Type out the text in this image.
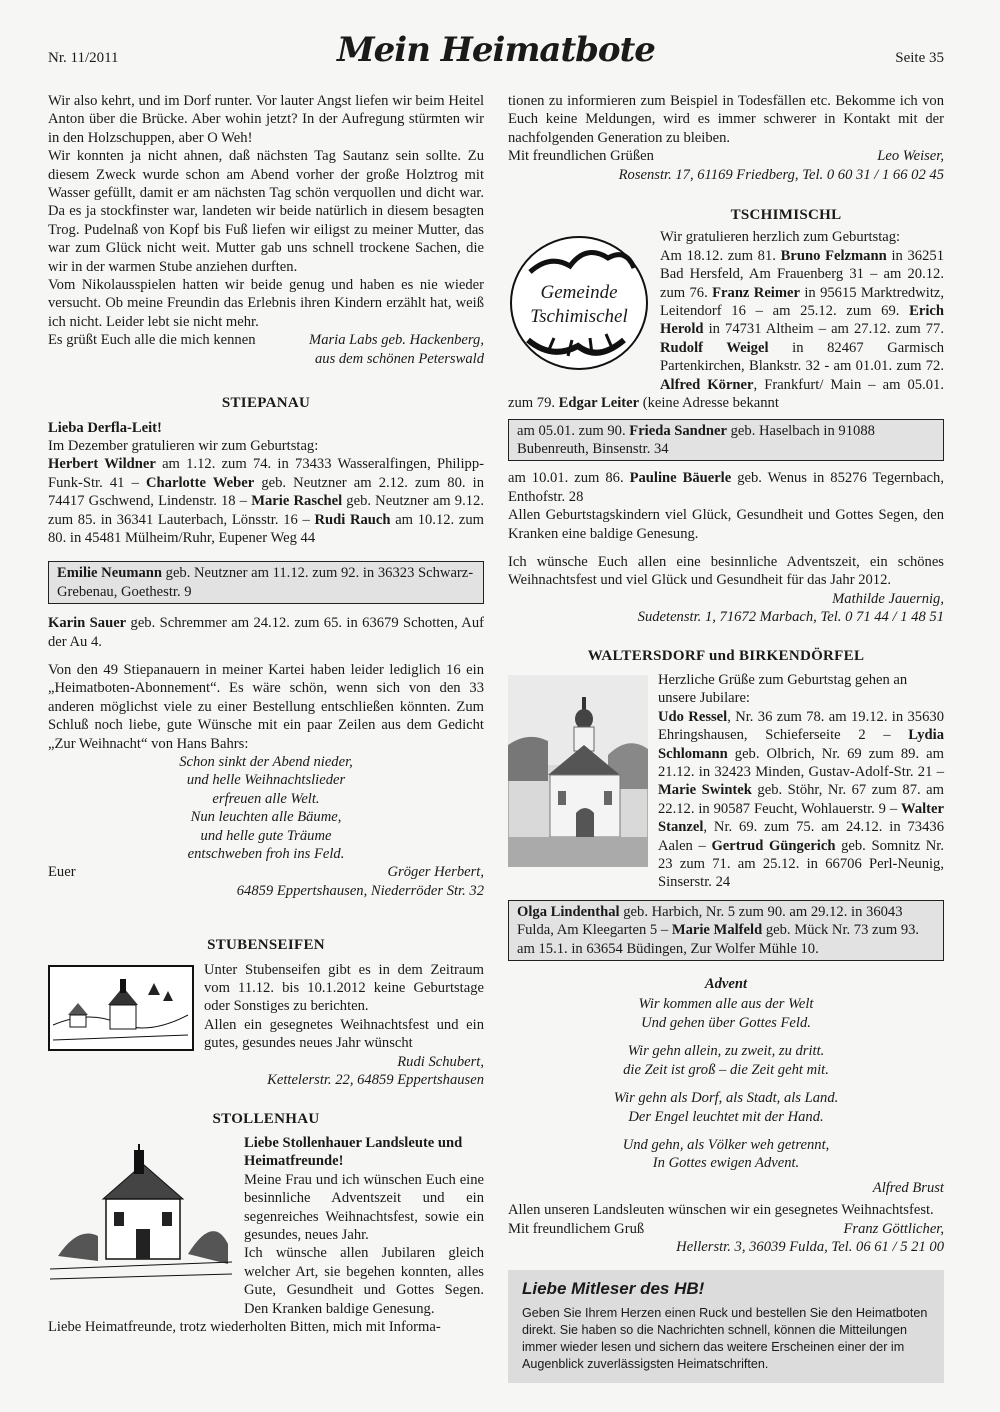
Nr. 11/2011	Mein Heimatbote	Seite 35

Wir also kehrt, und im Dorf runter. Vor lauter Angst liefen wir beim Heitel Anton über die Brücke. Aber wohin jetzt? In der Aufregung stürmten wir in den Holzschuppen, aber O Weh!

Wir konnten ja nicht ahnen, daß nächsten Tag Sautanz sein sollte. Zu diesem Zweck wurde schon am Abend vorher der große Holztrog mit Wasser gefüllt, damit er am nächsten Tag schön verquollen und dicht war. Da es ja stockfinster war, landeten wir beide natürlich in diesem besagten Trog. Pudelnaß von Kopf bis Fuß liefen wir eiligst zu meiner Mutter, das war zum Glück nicht weit. Mutter gab uns schnell trockene Sachen, die wir in der warmen Stube anziehen durften.

Vom Nikolausspielen hatten wir beide genug und haben es nie wieder versucht. Ob meine Freundin das Erlebnis ihren Kindern erzählt hat, weiß ich nicht. Leider lebt sie nicht mehr.

Es grüßt Euch alle die mich kennen	Maria Labs geb. Hackenberg,

aus dem schönen Peterswald

STIEPANAU

Lieba Derfla-Leit!

Im Dezember gratulieren wir zum Geburtstag:

Herbert Wildner am 1.12. zum 74. in 73433 Wasseralfingen, Philipp-Funk-Str. 41 – Charlotte Weber geb. Neutzner am 2.12. zum 80. in 74417 Gschwend, Lindenstr. 18 – Marie Raschel geb. Neutzner am 9.12. zum 85. in 36341 Lauterbach, Lönsstr. 16 – Rudi Rauch am 10.12. zum 80. in 45481 Mülheim/Ruhr, Eupener Weg 44

Emilie Neumann geb. Neutzner am 11.12. zum 92. in 36323 Schwarz-Grebenau, Goethestr. 9

Karin Sauer geb. Schremmer am 24.12. zum 65. in 63679 Schotten, Auf der Au 4.

Von den 49 Stiepanauern in meiner Kartei haben leider lediglich 16 ein „Heimatboten-Abonnement“. Es wäre schön, wenn sich von den 33 anderen möglichst viele zu einer Bestellung entschließen könnten. Zum Schluß noch liebe, gute Wünsche mit ein paar Zeilen aus dem Gedicht „Zur Weihnacht“ von Hans Bahrs:

Schon sinkt der Abend nieder,
und helle Weihnachtslieder
erfreuen alle Welt.
Nun leuchten alle Bäume,
und helle gute Träume
entschweben froh ins Feld.
Euer	Gröger Herbert,

64859 Eppertshausen, Niederröder Str. 32

STUBENSEIFEN

Unter Stubenseifen gibt es in dem Zeitraum vom 11.12. bis 10.1.2012 keine Geburtstage oder Sonstiges zu berichten.

Allen ein gesegnetes Weihnachtsfest und ein gutes, gesundes neues Jahr wünscht

Rudi Schubert,

Kettelerstr. 22, 64859 Eppertshausen

STOLLENHAU

Liebe Stollenhauer Landsleute und Heimatfreunde!

Meine Frau und ich wünschen Euch eine besinnliche Adventszeit und ein segenreiches Weihnachtsfest, sowie ein gesundes, neues Jahr.

Ich wünsche allen Jubilaren gleich welcher Art, sie begehen konnten, alles Gute, Gesundheit und Gottes Segen. Den Kranken baldige Genesung.

Liebe Heimatfreunde, trotz wiederholten Bitten, mich mit Informa-

tionen zu informieren zum Beispiel in Todesfällen etc. Bekomme ich von Euch keine Meldungen, wird es immer schwerer in Kontakt mit der nachfolgenden Generation zu bleiben.

Mit freundlichen Grüßen	Leo Weiser,

Rosenstr. 17, 61169 Friedberg, Tel. 0 60 31 / 1 66 02 45

TSCHIMISCHL
Gemeinde
Tschimischel

Wir gratulieren herzlich zum Geburtstag:

Am 18.12. zum 81. Bruno Felzmann in 36251 Bad Hersfeld, Am Frauenberg 31 – am 20.12. zum 76. Franz Reimer in 95615 Marktredwitz, Leitendorf 16 – am 25.12. zum 69. Erich Herold in 74731 Altheim – am 27.12. zum 77. Rudolf Weigel in 82467 Garmisch Partenkirchen, Blankstr. 32 - am 01.01. zum 72. Alfred Körner, Frankfurt/ Main – am 05.01. zum 79. Edgar Leiter (keine Adresse bekannt

am 05.01. zum 90. Frieda Sandner geb. Haselbach in 91088 Bubenreuth, Binsenstr. 34

am 10.01. zum 86. Pauline Bäuerle geb. Wenus in 85276 Tegernbach, Enthofstr. 28

Allen Geburtstagskindern viel Glück, Gesundheit und Gottes Segen, den Kranken eine baldige Genesung.

Ich wünsche Euch allen eine besinnliche Adventszeit, ein schönes Weihnachtsfest und viel Glück und Gesundheit für das Jahr 2012.

Mathilde Jauernig,

Sudetenstr. 1, 71672 Marbach, Tel. 0 71 44 / 1 48 51

WALTERSDORF und BIRKENDÖRFEL

Herzliche Grüße zum Geburtstag gehen an unsere Jubilare:

Udo Ressel, Nr. 36 zum 78. am 19.12. in 35630 Ehringshausen, Schieferseite 2 – Lydia Schlomann geb. Olbrich, Nr. 69 zum 89. am 21.12. in 32423 Minden, Gustav-Adolf-Str. 21 – Marie Swintek geb. Stöhr, Nr. 67 zum 87. am 22.12. in 90587 Feucht, Wohlauerstr. 9 – Walter Stanzel, Nr. 69. zum 75. am 24.12. in 73436 Aalen – Gertrud Güngerich geb. Somnitz Nr. 23 zum 71. am 25.12. in 66706 Perl-Neunig, Sinserstr. 24

Olga Lindenthal geb. Harbich, Nr. 5 zum 90. am 29.12. in 36043 Fulda, Am Kleegarten 5 – Marie Malfeld geb. Mück Nr. 73 zum 93. am 15.1. in 63654 Büdingen, Zur Wolfer Mühle 10.
Advent
Wir kommen alle aus der Welt
Und gehen über Gottes Feld.
Wir gehn allein, zu zweit, zu dritt.
die Zeit ist groß – die Zeit geht mit.
Wir gehn als Dorf, als Stadt, als Land.
Der Engel leuchtet mit der Hand.
Und gehn, als Völker weh getrennt,
In Gottes ewigen Advent.

Alfred Brust

Allen unseren Landsleuten wünschen wir ein gesegnetes Weihnachtsfest.

Mit freundlichem Gruß	Franz Göttlicher,

Hellerstr. 3, 36039 Fulda, Tel. 06 61 / 5 21 00

Liebe Mitleser des HB!
Geben Sie Ihrem Herzen einen Ruck und bestellen Sie den Heimatboten direkt. Sie haben so die Nachrichten schnell, können die Mitteilungen immer wieder lesen und sichern das weitere Erscheinen einer der im Augenblick zuverlässigsten Heimatschriften.
